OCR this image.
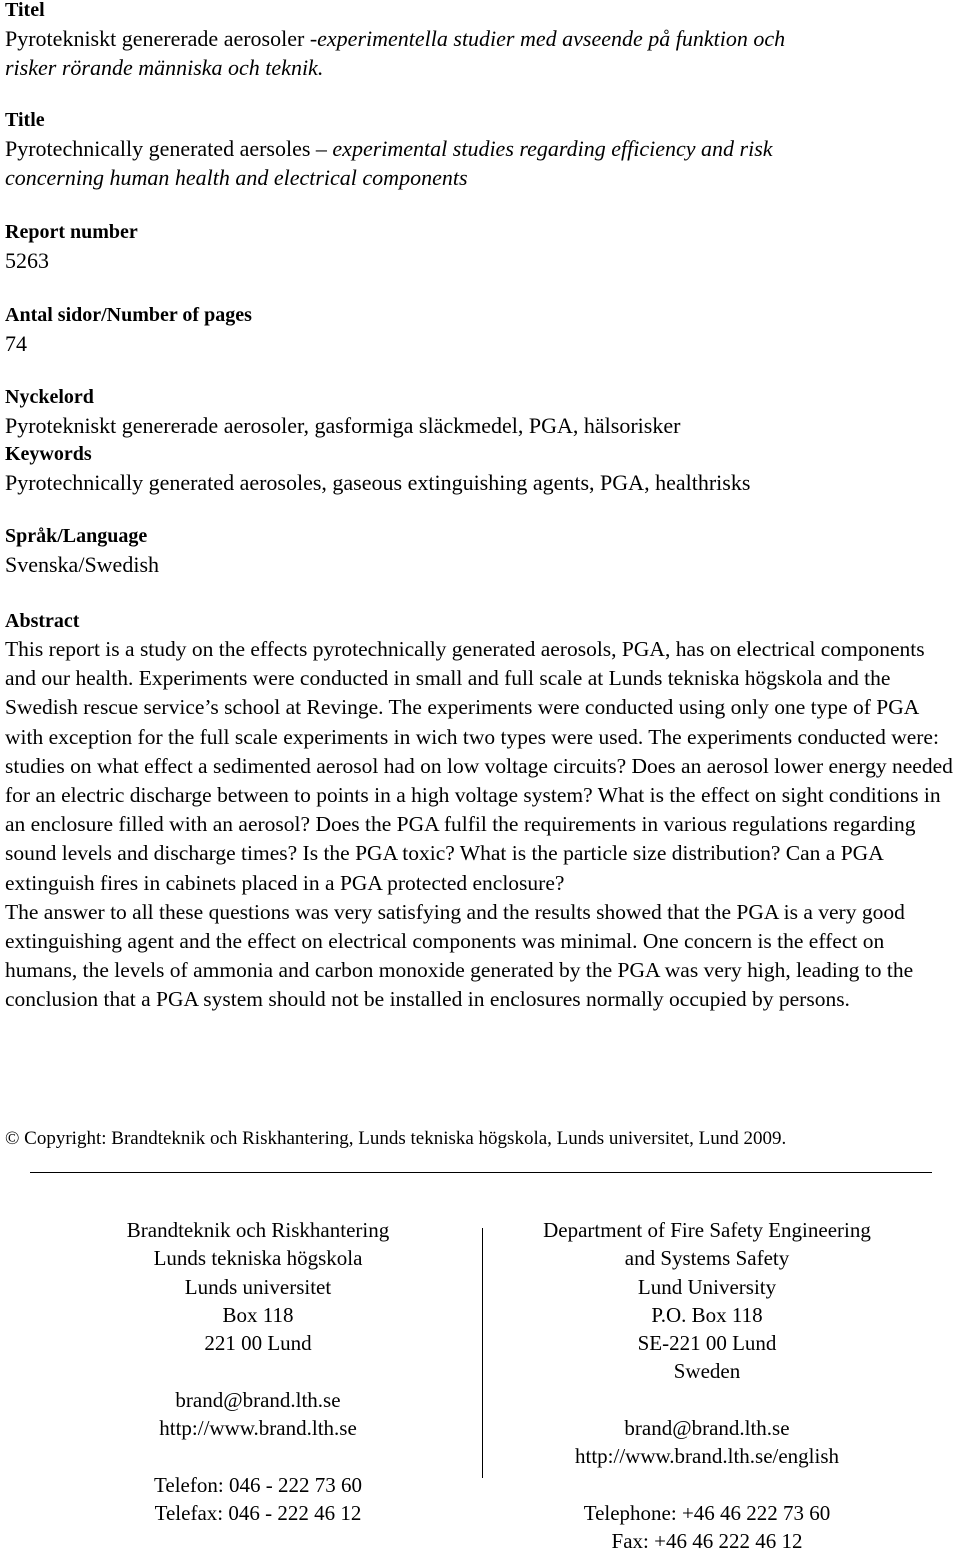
Titel
Pyrotekniskt genererade aerosoler -experimentella studier med avseende på funktion och
risker rörande människa och teknik.
Title
Pyrotechnically generated aersoles – experimental studies regarding efficiency and risk
concerning human health and electrical components
Report number
5263
Antal sidor/Number of pages
74
Nyckelord
Pyrotekniskt genererade aerosoler, gasformiga släckmedel, PGA, hälsorisker
Keywords
Pyrotechnically generated aerosoles, gaseous extinguishing agents, PGA, healthrisks
Språk/Language
Svenska/Swedish
Abstract

This report is a study on the effects pyrotechnically generated aerosols, PGA, has on electrical components and our health. Experiments were conducted in small and full scale at Lunds tekniska högskola and the Swedish rescue service’s school at Revinge. The experiments were conducted using only one type of PGA with exception for the full scale experiments in wich two types were used. The experiments conducted were: studies on what effect a sedimented aerosol had on low voltage circuits? Does an aerosol lower energy needed for an electric discharge between to points in a high voltage system? What is the effect on sight conditions in an enclosure filled with an aerosol? Does the PGA fulfil the requirements in various regulations regarding sound levels and discharge times? Is the PGA toxic? What is the particle size distribution? Can a PGA extinguish fires in cabinets placed in a PGA protected enclosure?

The answer to all these questions was very satisfying and the results showed that the PGA is a very good extinguishing agent and the effect on electrical components was minimal. One concern is the effect on humans, the levels of ammonia and carbon monoxide generated by the PGA was very high, leading to the conclusion that a PGA system should not be installed in enclosures normally occupied by persons.

© Copyright: Brandteknik och Riskhantering, Lunds tekniska högskola, Lunds universitet, Lund 2009.
Brandteknik och Riskhantering
Lunds tekniska högskola
Lunds universitet
Box 118
221 00 Lund
brand@brand.lth.se
http://www.brand.lth.se
Telefon: 046 - 222 73 60
Telefax: 046 - 222 46 12
Department of Fire Safety Engineering
and Systems Safety
Lund University
P.O. Box 118
SE-221 00 Lund
Sweden
brand@brand.lth.se
http://www.brand.lth.se/english
Telephone: +46 46 222 73 60
Fax: +46 46 222 46 12
